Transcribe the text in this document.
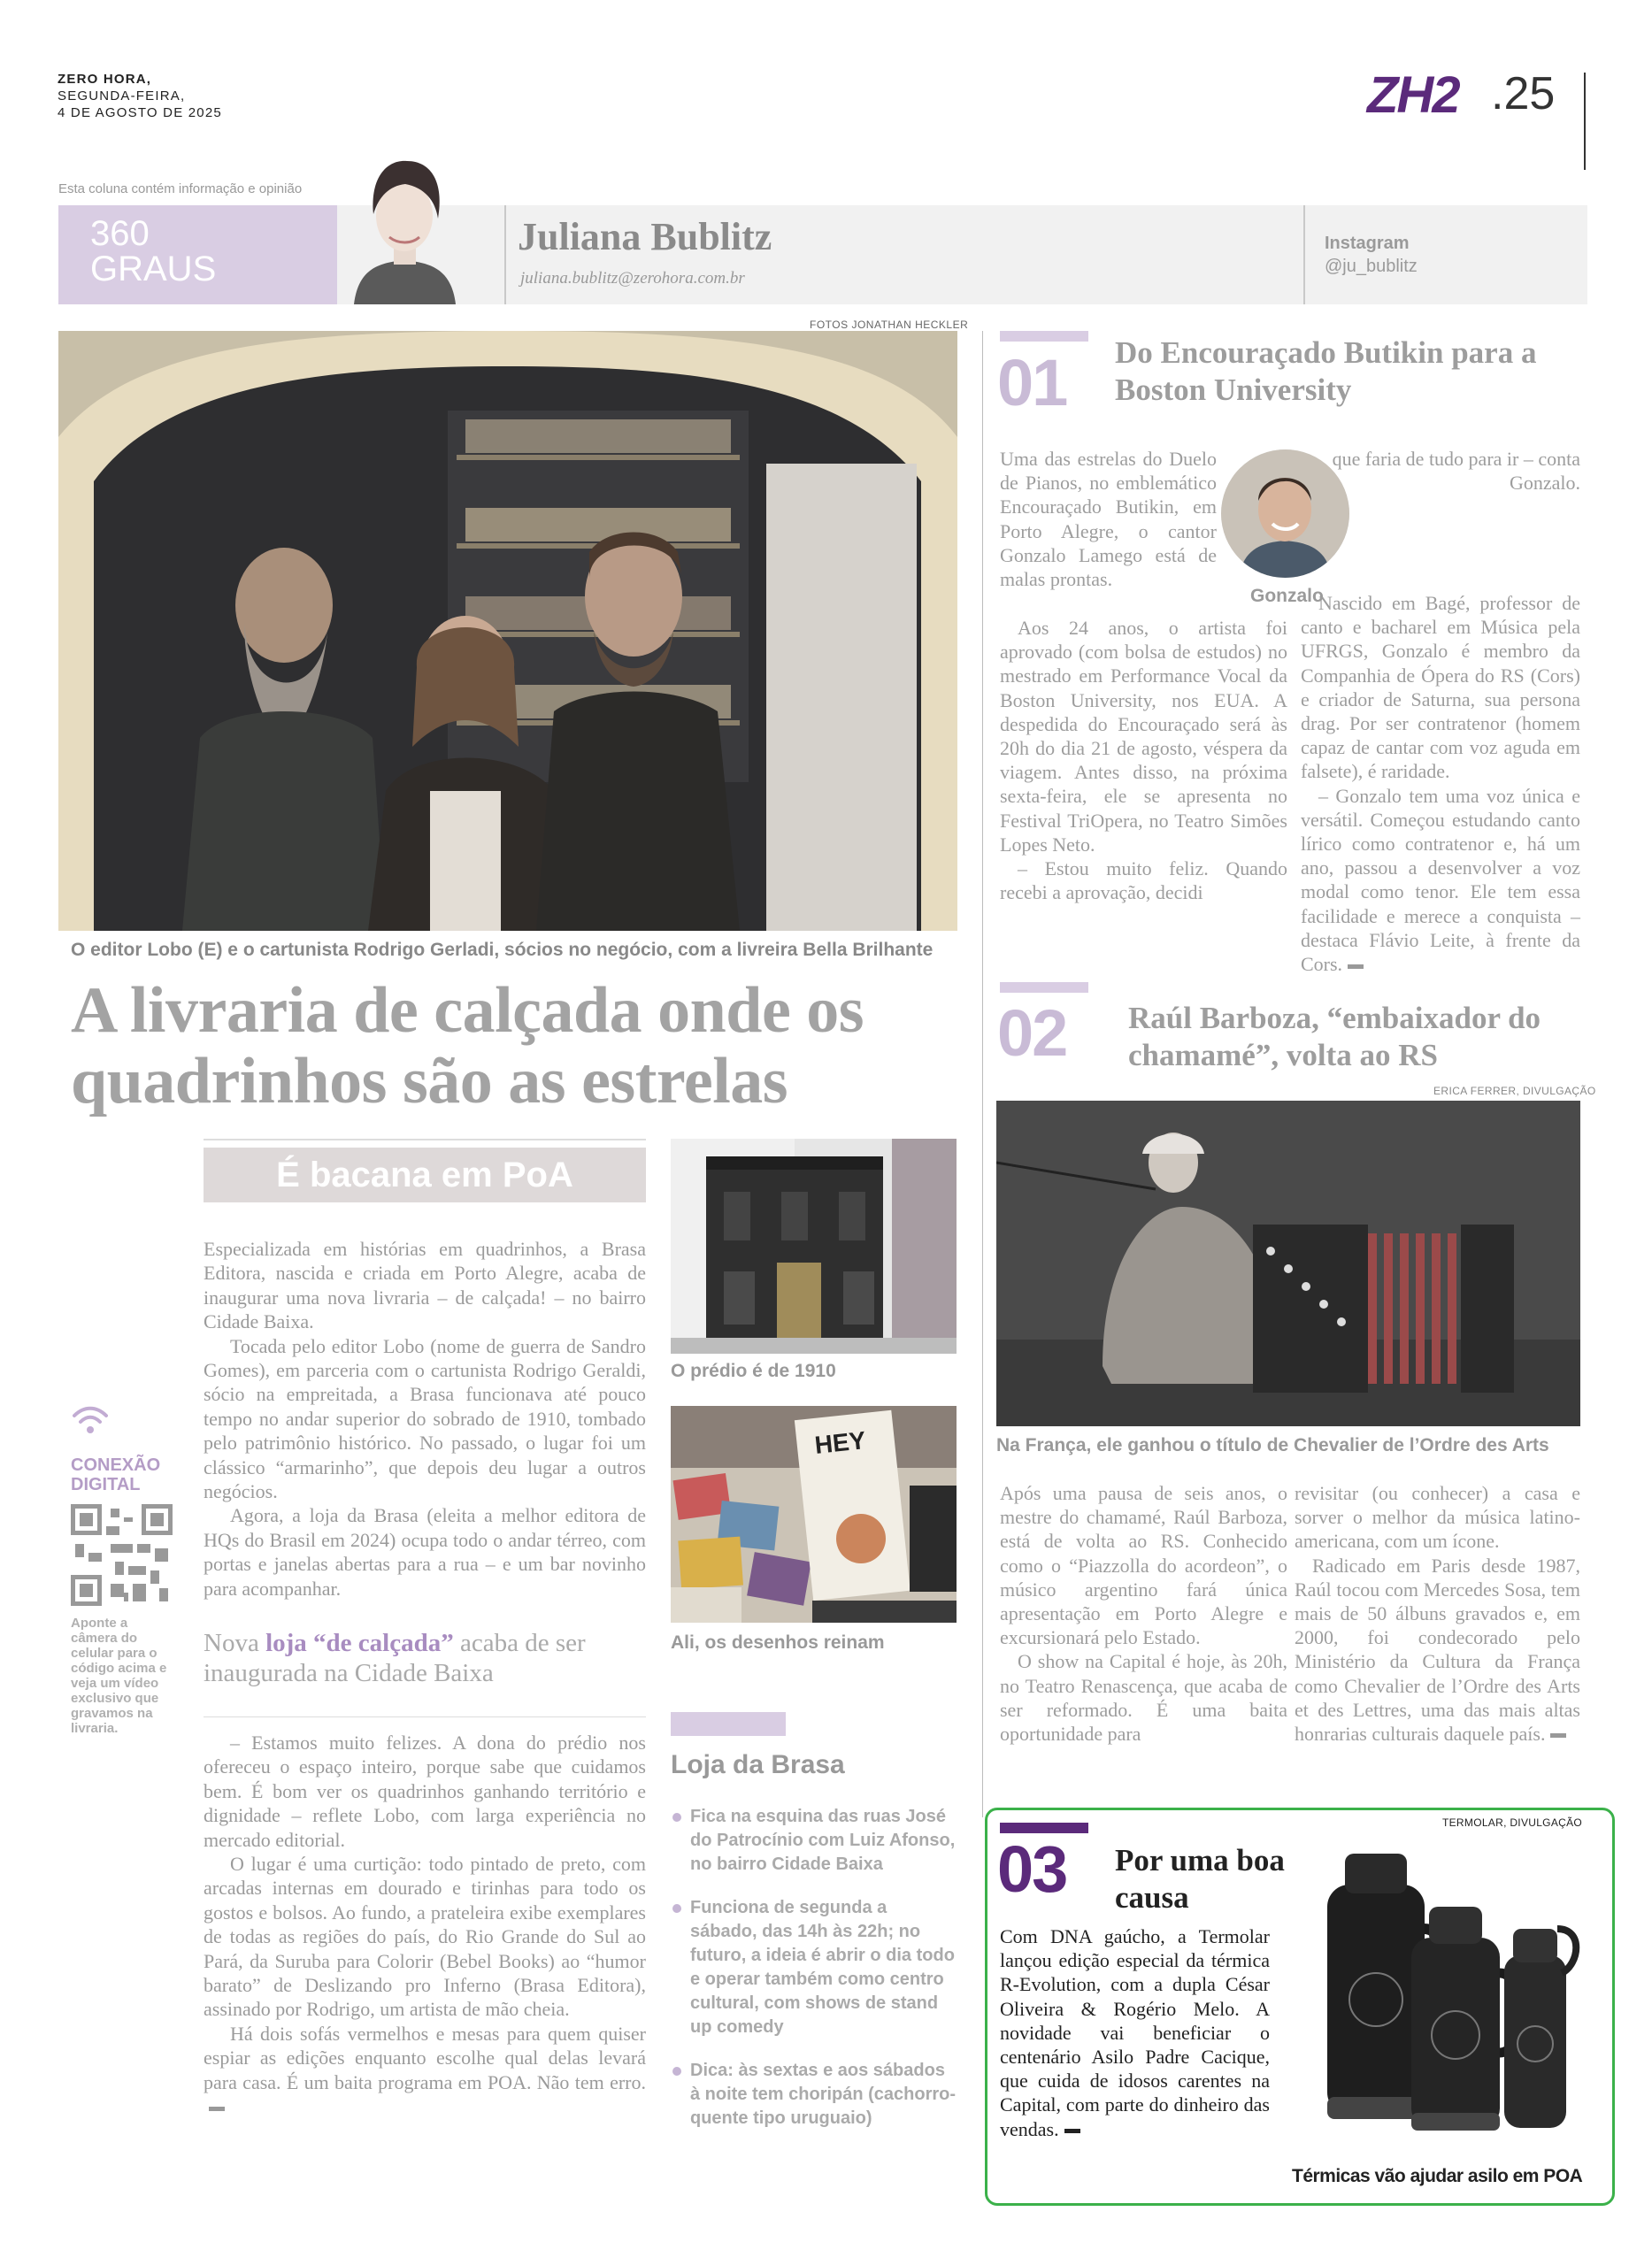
ZERO HORA,
SEGUNDA-FEIRA,
4 DE AGOSTO DE 2025	ZH2 .25
Esta coluna contém informação e opinião
360
GRAUS
Juliana Bublitz
juliana.bublitz@zerohora.com.br
Instagram
@ju_bublitz
FOTOS JONATHAN HECKLER
O editor Lobo (E) e o cartunista Rodrigo Gerladi, sócios no negócio, com a livreira Bella Brilhante
A livraria de calçada onde os
quadrinhos são as estrelas
CONEXÃO
DIGITAL
Aponte a câmera do celular para o código acima e veja um vídeo exclusivo que gravamos na livraria.
É bacana em PoA

Especializada em histórias em quadrinhos, a Brasa Editora, nascida e criada em Porto Alegre, acaba de inaugurar uma nova livraria – de calçada! – no bairro Cidade Baixa.

Tocada pelo editor Lobo (nome de guerra de Sandro Gomes), em parceria com o cartunista Rodrigo Geraldi, sócio na empreitada, a Brasa funcionava até pouco tempo no andar superior do sobrado de 1910, tombado pelo patrimônio histórico. No passado, o lugar foi um clássico “armarinho”, que depois deu lugar a outros negócios.

Agora, a loja da Brasa (eleita a melhor editora de HQs do Brasil em 2024) ocupa todo o andar térreo, com portas e janelas abertas para a rua – e um bar novinho para acompanhar.

Nova loja “de calçada” acaba de ser inaugurada na Cidade Baixa

– Estamos muito felizes. A dona do prédio nos ofereceu o espaço inteiro, porque sabe que cuidamos bem. É bom ver os quadrinhos ganhando território e dignidade – reflete Lobo, com larga experiência no mercado editorial.

O lugar é uma curtição: todo pintado de preto, com arcadas internas em dourado e tirinhas para todo os gostos e bolsos. Ao fundo, a prateleira exibe exemplares de todas as regiões do país, do Rio Grande do Sul ao Pará, da Suruba para Colorir (Bebel Books) ao “humor barato” de Deslizando pro Inferno (Brasa Editora), assinado por Rodrigo, um artista de mão cheia.

Há dois sofás vermelhos e mesas para quem quiser espiar as edições enquanto escolhe qual delas levará para casa. É um baita programa em POA. Não tem erro.

O prédio é de 1910
HEY
Ali, os desenhos reinam
Loja da Brasa
Fica na esquina das ruas José do Patrocínio com Luiz Afonso, no bairro Cidade Baixa
Funciona de segunda a sábado, das 14h às 22h; no futuro, a ideia é abrir o dia todo e operar também como centro cultural, com shows de stand up comedy
Dica: às sextas e aos sábados à noite tem choripán (cachorro-quente tipo uruguaio)
01 Do Encouraçado Butikin para a Boston University
Gonzalo
Uma das estrelas do Duelo de Pianos, no emblemático Encouraçado Butikin, em Porto Alegre, o cantor Gonzalo Lamego está de malas prontas.

Aos 24 anos, o artista foi aprovado (com bolsa de estudos) no mestrado em Performance Vocal da Boston University, nos EUA. A despedida do Encouraçado será às 20h do dia 21 de agosto, véspera da viagem. Antes disso, na próxima sexta-feira, ele se apresenta no Festival TriOpera, no Teatro Simões Lopes Neto.

– Estou muito feliz. Quando recebi a aprovação, decidi

que faria de tudo para ir – conta Gonzalo.

Nascido em Bagé, professor de canto e bacharel em Música pela UFRGS, Gonzalo é membro da Companhia de Ópera do RS (Cors) e criador de Saturna, sua persona drag. Por ser contratenor (homem capaz de cantar com voz aguda em falsete), é raridade.

– Gonzalo tem uma voz única e versátil. Começou estudando canto lírico como contratenor e, há um ano, passou a desenvolver a voz modal como tenor. Ele tem essa facilidade e merece a conquista – destaca Flávio Leite, à frente da Cors.

02 Raúl Barboza, “embaixador do chamamé”, volta ao RS
ERICA FERRER, DIVULGAÇÃO
Na França, ele ganhou o título de Chevalier de l’Ordre des Arts

Após uma pausa de seis anos, o mestre do chamamé, Raúl Barboza, está de volta ao RS. Conhecido como o “Piazzolla do acordeon”, o músico argentino fará única apresentação em Porto Alegre e excursionará pelo Estado.

O show na Capital é hoje, às 20h, no Teatro Renascença, que acaba de ser reformado. É uma baita oportunidade para

revisitar (ou conhecer) a casa e sorver o melhor da música latino-americana, com um ícone.

Radicado em Paris desde 1987, Raúl tocou com Mercedes Sosa, tem mais de 50 álbuns gravados e, em 2000, foi condecorado pelo Ministério da Cultura da França como Chevalier de l’Ordre des Arts et des Lettres, uma das mais altas honrarias culturais daquele país.

03 Por uma boa causa
Com DNA gaúcho, a Termolar lançou edição especial da térmica R-Evolution, com a dupla César Oliveira & Rogério Melo. A novidade vai beneficiar o centenário Asilo Padre Cacique, que cuida de idosos carentes na Capital, com parte do dinheiro das vendas.
TERMOLAR, DIVULGAÇÃO
Térmicas vão ajudar asilo em POA
